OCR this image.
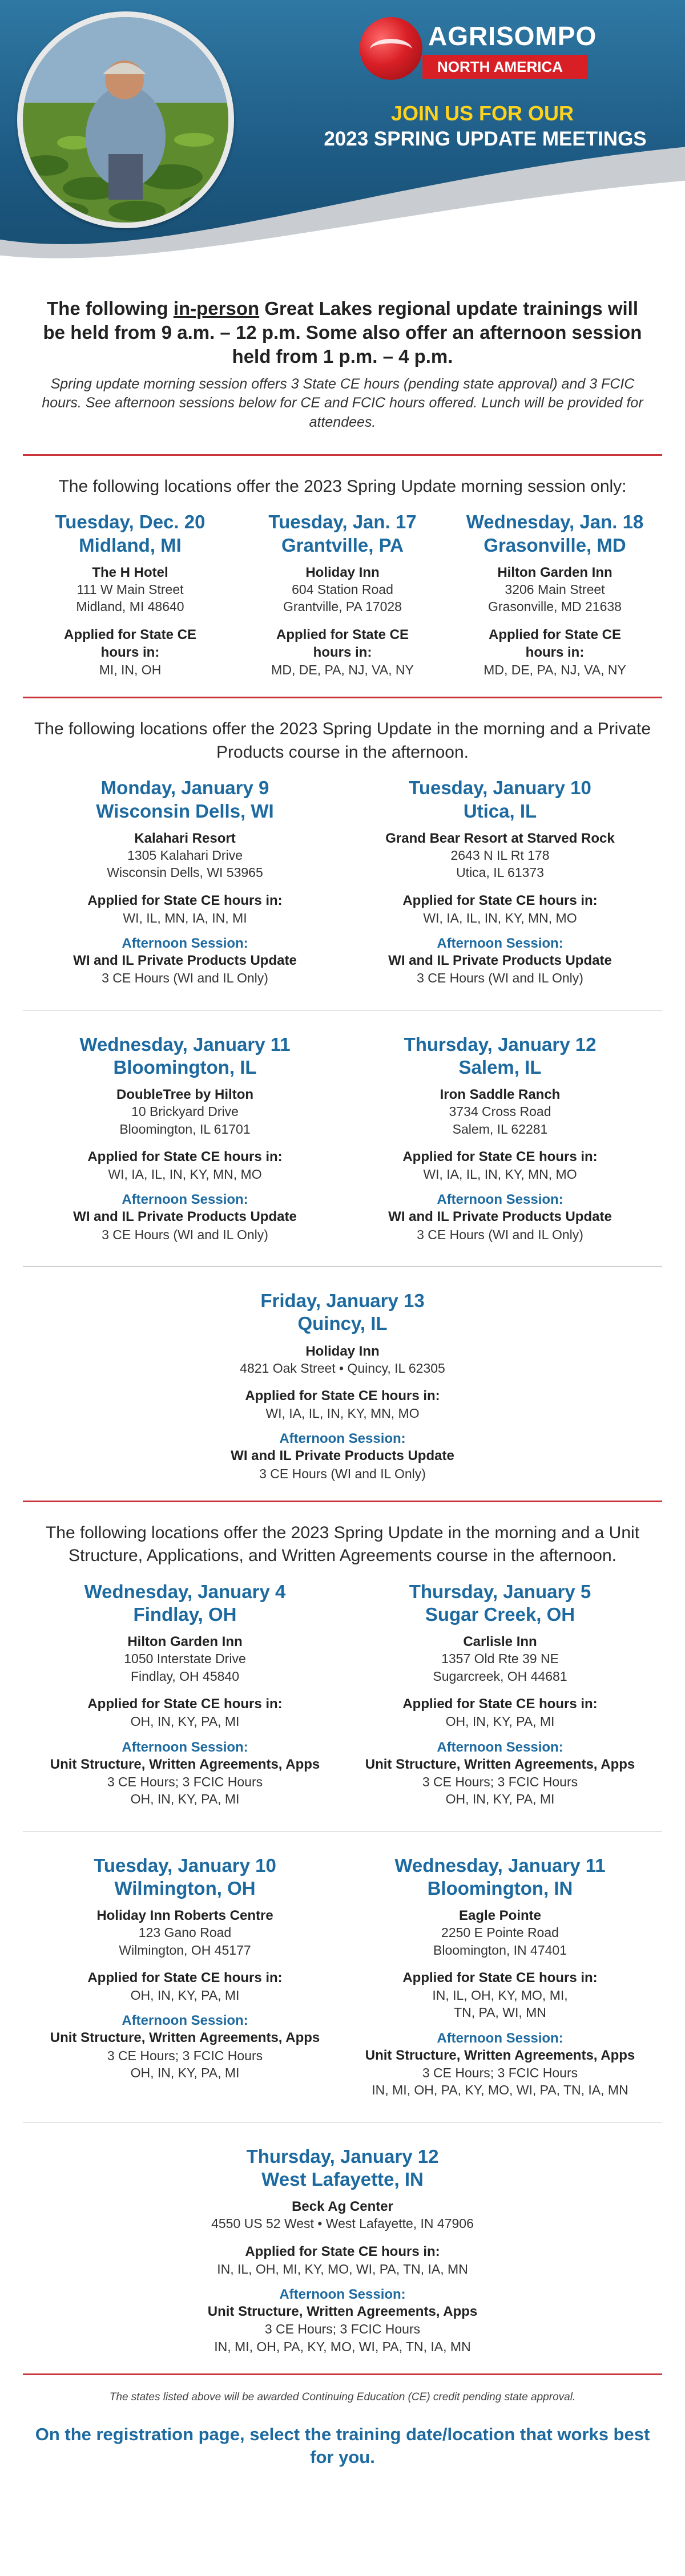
AGRISOMPO
NORTH AMERICA
JOIN US FOR OUR
2023 SPRING UPDATE MEETINGS
The following in-person Great Lakes regional update trainings will be held from 9 a.m. – 12 p.m. Some also offer an afternoon session held from 1 p.m. – 4 p.m.
Spring update morning session offers 3 State CE hours (pending state approval) and 3 FCIC hours. See afternoon sessions below for CE and FCIC hours offered. Lunch will be provided for attendees.
The following locations offer the 2023 Spring Update morning session only:
Tuesday, Dec. 20
Midland, MI
The H Hotel
111 W Main Street
Midland, MI 48640
Applied for State CE
hours in:
MI, IN, OH
Tuesday, Jan. 17
Grantville, PA
Holiday Inn
604 Station Road
Grantville, PA 17028
Applied for State CE
hours in:
MD, DE, PA, NJ, VA, NY
Wednesday, Jan. 18
Grasonville, MD
Hilton Garden Inn
3206 Main Street
Grasonville, MD 21638
Applied for State CE
hours in:
MD, DE, PA, NJ, VA, NY
The following locations offer the 2023 Spring Update in the morning and a Private Products course in the afternoon.
Monday, January 9
Wisconsin Dells, WI
Kalahari Resort
1305 Kalahari Drive
Wisconsin Dells, WI 53965
Applied for State CE hours in:
WI, IL, MN, IA, IN, MI
Afternoon Session:
WI and IL Private Products Update
3 CE Hours (WI and IL Only)
Tuesday, January 10
Utica, IL
Grand Bear Resort at Starved Rock
2643 N IL Rt 178
Utica, IL 61373
Applied for State CE hours in:
WI, IA, IL, IN, KY, MN, MO
Afternoon Session:
WI and IL Private Products Update
3 CE Hours (WI and IL Only)
Wednesday, January 11
Bloomington, IL
DoubleTree by Hilton
10 Brickyard Drive
Bloomington, IL 61701
Applied for State CE hours in:
WI, IA, IL, IN, KY, MN, MO
Afternoon Session:
WI and IL Private Products Update
3 CE Hours (WI and IL Only)
Thursday, January 12
Salem, IL
Iron Saddle Ranch
3734 Cross Road
Salem, IL 62281
Applied for State CE hours in:
WI, IA, IL, IN, KY, MN, MO
Afternoon Session:
WI and IL Private Products Update
3 CE Hours (WI and IL Only)
Friday, January 13
Quincy, IL
Holiday Inn
4821 Oak Street • Quincy, IL 62305
Applied for State CE hours in:
WI, IA, IL, IN, KY, MN, MO
Afternoon Session:
WI and IL Private Products Update
3 CE Hours (WI and IL Only)
The following locations offer the 2023 Spring Update in the morning and a Unit Structure, Applications, and Written Agreements course in the afternoon.
Wednesday, January 4
Findlay, OH
Hilton Garden Inn
1050 Interstate Drive
Findlay, OH 45840
Applied for State CE hours in:
OH, IN, KY, PA, MI
Afternoon Session:
Unit Structure, Written Agreements, Apps
3 CE Hours; 3 FCIC Hours
OH, IN, KY, PA, MI
Thursday, January 5
Sugar Creek, OH
Carlisle Inn
1357 Old Rte 39 NE
Sugarcreek, OH 44681
Applied for State CE hours in:
OH, IN, KY, PA, MI
Afternoon Session:
Unit Structure, Written Agreements, Apps
3 CE Hours; 3 FCIC Hours
OH, IN, KY, PA, MI
Tuesday, January 10
Wilmington, OH
Holiday Inn Roberts Centre
123 Gano Road
Wilmington, OH 45177
Applied for State CE hours in:
OH, IN, KY, PA, MI
Afternoon Session:
Unit Structure, Written Agreements, Apps
3 CE Hours; 3 FCIC Hours
OH, IN, KY, PA, MI
Wednesday, January 11
Bloomington, IN
Eagle Pointe
2250 E Pointe Road
Bloomington, IN 47401
Applied for State CE hours in:
IN, IL, OH, KY, MO, MI,
TN, PA, WI, MN
Afternoon Session:
Unit Structure, Written Agreements, Apps
3 CE Hours; 3 FCIC Hours
IN, MI, OH, PA, KY, MO, WI, PA, TN, IA, MN
Thursday, January 12
West Lafayette, IN
Beck Ag Center
4550 US 52 West • West Lafayette, IN 47906
Applied for State CE hours in:
IN, IL, OH, MI, KY, MO, WI, PA, TN, IA, MN
Afternoon Session:
Unit Structure, Written Agreements, Apps
3 CE Hours; 3 FCIC Hours
IN, MI, OH, PA, KY, MO, WI, PA, TN, IA, MN
The states listed above will be awarded Continuing Education (CE) credit pending state approval.
On the registration page, select the training date/location that works best for you.
